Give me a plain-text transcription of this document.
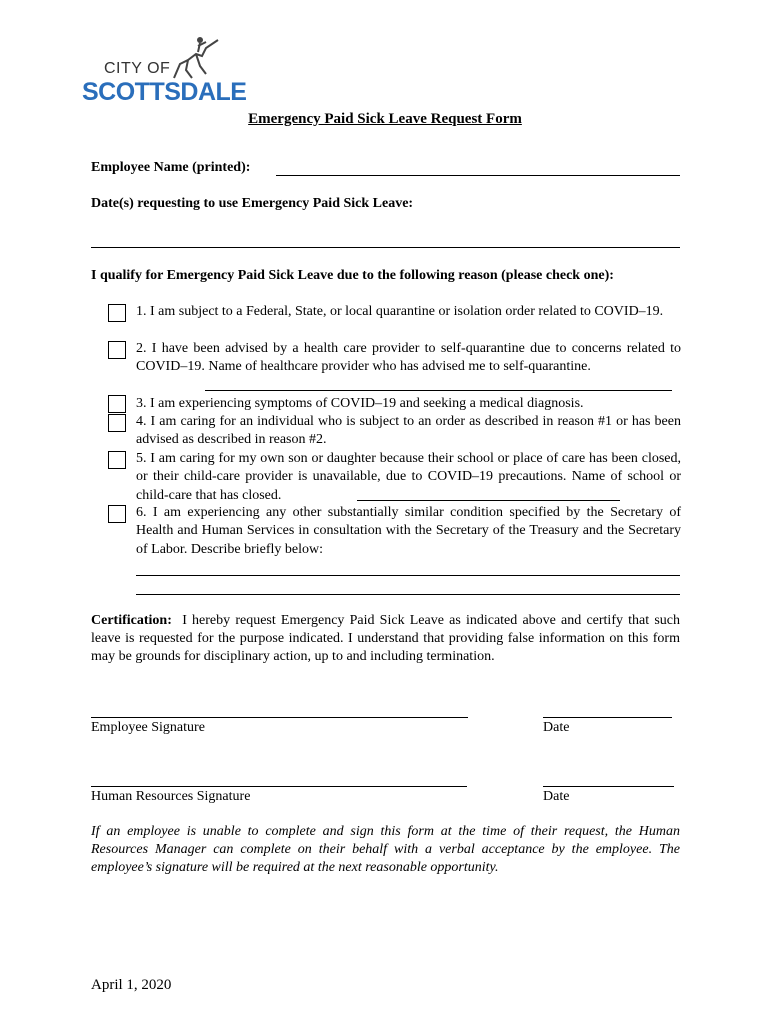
CITY OF
SCOTTSDALE
Emergency Paid Sick Leave Request Form
Employee Name (printed):
Date(s) requesting to use Emergency Paid Sick Leave:
I qualify for Emergency Paid Sick Leave due to the following reason (please check one):
1. I am subject to a Federal, State, or local quarantine or isolation order related to COVID–19.
2. I have been advised by a health care provider to self-quarantine due to concerns related to COVID–19. Name of healthcare provider who has advised me to self-quarantine.
3. I am experiencing symptoms of COVID–19 and seeking a medical diagnosis.
4. I am caring for an individual who is subject to an order as described in reason #1 or has been advised as described in reason #2.
5. I am caring for my own son or daughter because their school or place of care has been closed, or their child-care provider is unavailable, due to COVID–19 precautions. Name of school or child-care that has closed.
6. I am experiencing any other substantially similar condition specified by the Secretary of Health and Human Services in consultation with the Secretary of the Treasury and the Secretary of Labor. Describe briefly below:
Certification: I hereby request Emergency Paid Sick Leave as indicated above and certify that such leave is requested for the purpose indicated. I understand that providing false information on this form may be grounds for disciplinary action, up to and including termination.
Employee Signature	Date
Human Resources Signature	Date
If an employee is unable to complete and sign this form at the time of their request, the Human Resources Manager can complete on their behalf with a verbal acceptance by the employee. The employee’s signature will be required at the next reasonable opportunity.
April 1, 2020
